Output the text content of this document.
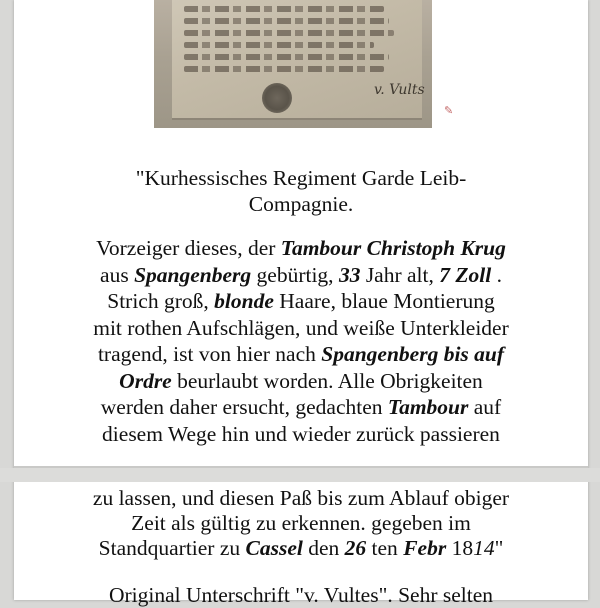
v. Vults
✎
"Kurhessisches Regiment Garde Leib-
Compagnie.
Vorzeiger dieses, der Tambour Christoph Krug
aus Spangenberg gebürtig, 33 Jahr alt, 7 Zoll .
Strich groß, blonde Haare, blaue Montierung
mit rothen Aufschlägen, und weiße Unterkleider
tragend, ist von hier nach Spangenberg bis auf
Ordre beurlaubt worden. Alle Obrigkeiten
werden daher ersucht, gedachten Tambour auf
diesem Wege hin und wieder zurück passieren
zu lassen, und diesen Paß bis zum Ablauf obiger
Zeit als gültig zu erkennen. gegeben im
Standquartier zu Cassel den 26 ten Febr 1814"
Original Unterschrift "v. Vultes". Sehr selten
